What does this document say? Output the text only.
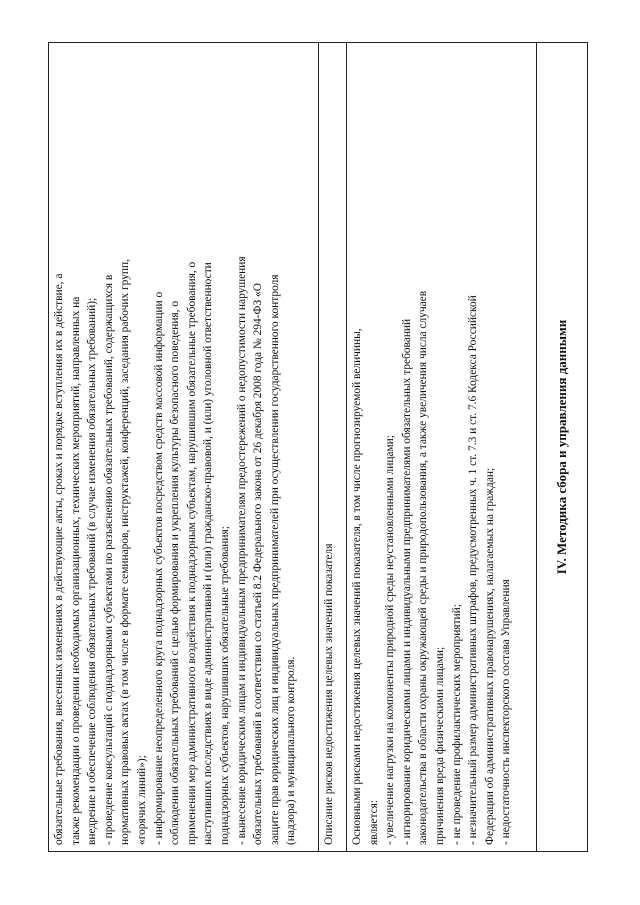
обязательные требования, внесенных изменениях в действующие акты, сроках и порядке вступления их в действие, а также рекомендации о проведении необходимых организационных, технических мероприятий, направленных на внедрение и обеспечение соблюдения обязательных требований (в случае изменения обязательных требований); - проведение консультаций с поднадзорными субъектами по разъяснению обязательных требований, содержащихся в нормативных правовых актах (в том числе в формате семинаров, инструктажей, конференций, заседания рабочих групп, «горячих линий»); - информирование неопределенного круга поднадзорных субъектов посредством средств массовой информации о соблюдении обязательных требований с целью формирования и укрепления культуры безопасного поведения, о применении мер административного воздействия к поднадзорным субъектам, нарушившим обязательные требования, о наступивших последствиях в виде административной и (или) гражданско-правовой, и (или) уголовной ответственности поднадзорных субъектов, нарушивших обязательные требования; - вынесение юридическим лицам и индивидуальным предпринимателям предостережений о недопустимости нарушения обязательных требований в соответствии со статьей 8.2 Федерального закона от 26 декабря 2008 года № 294-ФЗ «О защите прав юридических лиц и индивидуальных предпринимателей при осуществлении государственного контроля (надзора) и муниципального контроля. Описание рисков недостижения целевых значений показателя Основными рисками недостижения целевых значений показателя, в том числе прогнозируемой величины, является: - увеличение нагрузки на компоненты природной среды неустановленными лицами; - игнорирование юридическими лицами и индивидуальными предпринимателями обязательных требований законодательства в области охраны окружающей среды и природопользования, а также увеличения числа случаев причинения вреда физическими лицами; - не проведение профилактических мероприятий; - незначительный размер административных штрафов, предусмотренных ч. 1 ст. 7.3 и ст. 7.6 Кодекса Российской Федерации об административных правонарушениях, налагаемых на граждан; - недостаточность инспекторского состава Управления
IV. Методика сбора и управления данными
